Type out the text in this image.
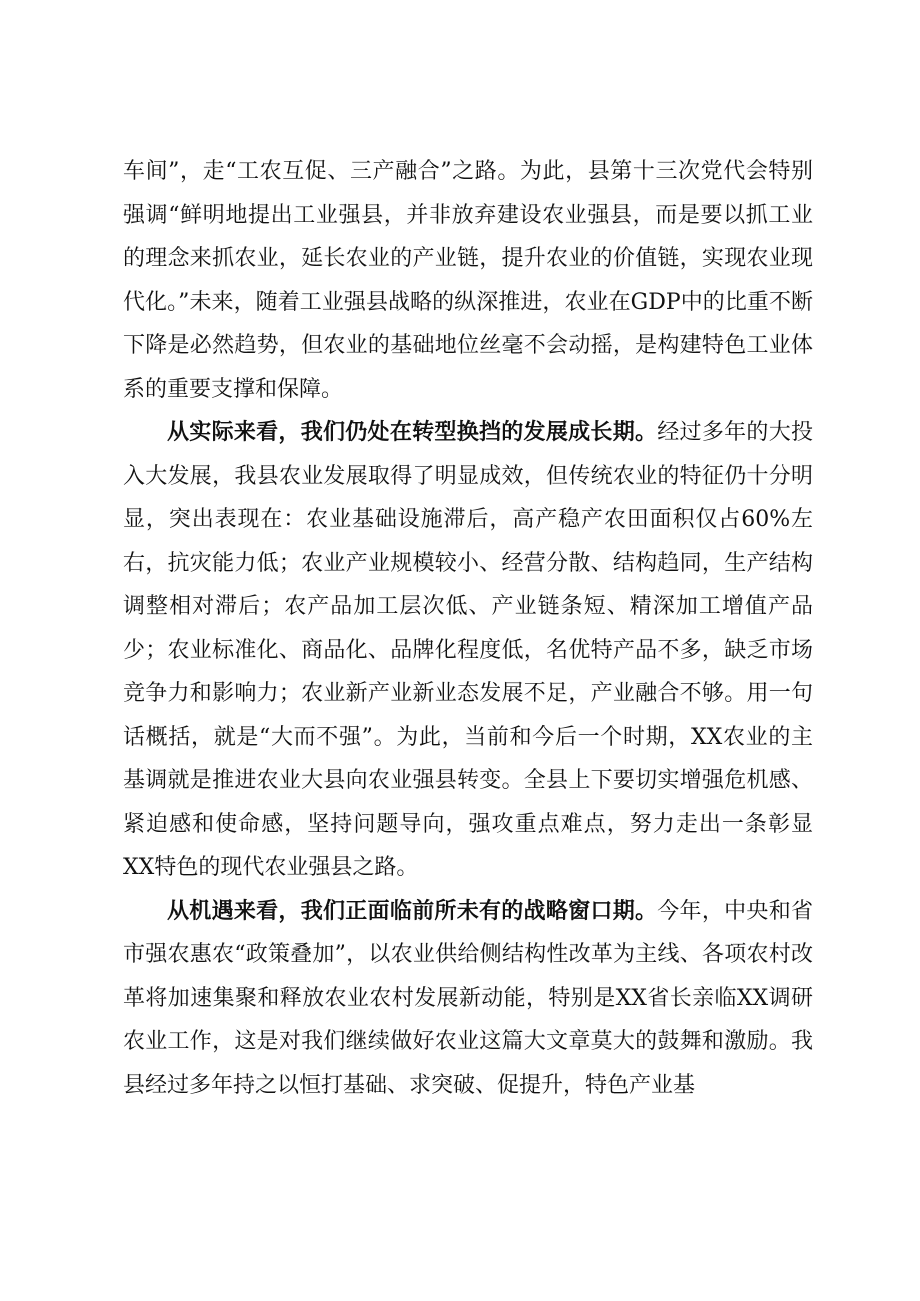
车间”，走“工农互促、三产融合”之路。为此，县第十三次党代会特别强调“鲜明地提出工业强县，并非放弃建设农业强县，而是要以抓工业的理念来抓农业，延长农业的产业链，提升农业的价值链，实现农业现代化。”未来，随着工业强县战略的纵深推进，农业在GDP中的比重不断下降是必然趋势，但农业的基础地位丝毫不会动摇，是构建特色工业体系的重要支撑和保障。

从实际来看，我们仍处在转型换挡的发展成长期。经过多年的大投入大发展，我县农业发展取得了明显成效，但传统农业的特征仍十分明显，突出表现在：农业基础设施滞后，高产稳产农田面积仅占60%左右，抗灾能力低；农业产业规模较小、经营分散、结构趋同，生产结构调整相对滞后；农产品加工层次低、产业链条短、精深加工增值产品少；农业标准化、商品化、品牌化程度低，名优特产品不多，缺乏市场竞争力和影响力；农业新产业新业态发展不足，产业融合不够。用一句话概括，就是“大而不强”。为此，当前和今后一个时期，XX农业的主基调就是推进农业大县向农业强县转变。全县上下要切实增强危机感、紧迫感和使命感，坚持问题导向，强攻重点难点，努力走出一条彰显XX特色的现代农业强县之路。

从机遇来看，我们正面临前所未有的战略窗口期。今年，中央和省市强农惠农“政策叠加”，以农业供给侧结构性改革为主线、各项农村改革将加速集聚和释放农业农村发展新动能，特别是XX省长亲临XX调研农业工作，这是对我们继续做好农业这篇大文章莫大的鼓舞和激励。我县经过多年持之以恒打基础、求突破、促提升，特色产业基
